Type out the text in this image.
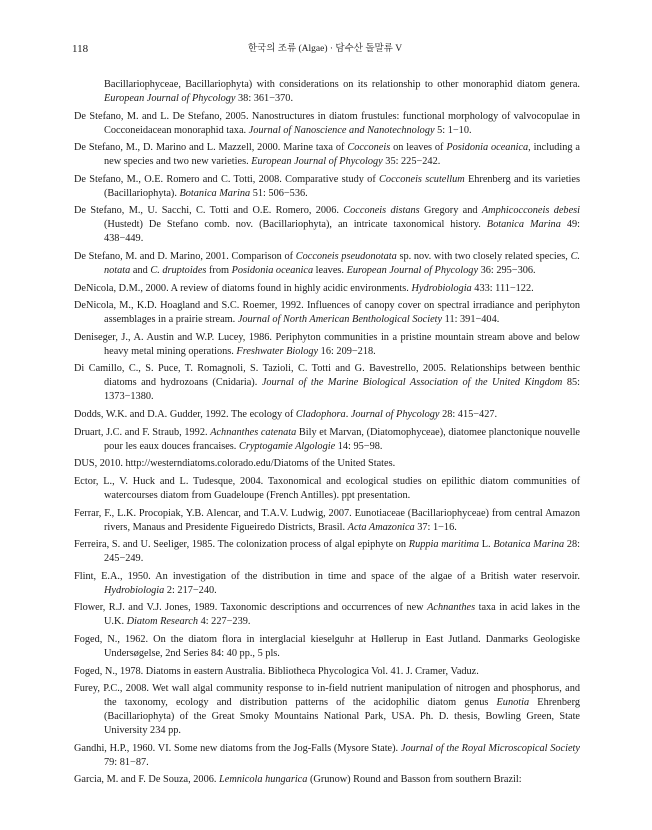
118	한국의 조류 (Algae) · 담수산 돌말류 V

Bacillariophyceae, Bacillariophyta) with considerations on its relationship to other monoraphid diatom genera. European Journal of Phycology 38: 361−370.

De Stefano, M. and L. De Stefano, 2005. Nanostructures in diatom frustules: functional morphology of valvocopulae in Cocconeidacean monoraphid taxa. Journal of Nanoscience and Nanotechnology 5: 1−10.

De Stefano, M., D. Marino and L. Mazzell, 2000. Marine taxa of Cocconeis on leaves of Posidonia oceanica, including a new species and two new varieties. European Journal of Phycology 35: 225−242.

De Stefano, M., O.E. Romero and C. Totti, 2008. Comparative study of Cocconeis scutellum Ehrenberg and its varieties (Bacillariophyta). Botanica Marina 51: 506−536.

De Stefano, M., U. Sacchi, C. Totti and O.E. Romero, 2006. Cocconeis distans Gregory and Amphicocconeis debesi (Hustedt) De Stefano comb. nov. (Bacillariophyta), an intricate taxonomical history. Botanica Marina 49: 438−449.

De Stefano, M. and D. Marino, 2001. Comparison of Cocconeis pseudonotata sp. nov. with two closely related species, C. notata and C. druptoides from Posidonia oceanica leaves. European Journal of Phycology 36: 295−306.

DeNicola, D.M., 2000. A review of diatoms found in highly acidic environments. Hydrobiologia 433: 111−122.

DeNicola, M., K.D. Hoagland and S.C. Roemer, 1992. Influences of canopy cover on spectral irradiance and periphyton assemblages in a prairie stream. Journal of North American Benthological Society 11: 391−404.

Deniseger, J., A. Austin and W.P. Lucey, 1986. Periphyton communities in a pristine mountain stream above and below heavy metal mining operations. Freshwater Biology 16: 209−218.

Di Camillo, C., S. Puce, T. Romagnoli, S. Tazioli, C. Totti and G. Bavestrello, 2005. Relationships between benthic diatoms and hydrozoans (Cnidaria). Journal of the Marine Biological Association of the United Kingdom 85: 1373−1380.

Dodds, W.K. and D.A. Gudder, 1992. The ecology of Cladophora. Journal of Phycology 28: 415−427.

Druart, J.C. and F. Straub, 1992. Achnanthes catenata Bily et Marvan, (Diatomophyceae), diatomee planctonique nouvelle pour les eaux douces francaises. Cryptogamie Algologie 14: 95−98.

DUS, 2010. http://westerndiatoms.colorado.edu/Diatoms of the United States.

Ector, L., V. Huck and L. Tudesque, 2004. Taxonomical and ecological studies on epilithic diatom communities of watercourses diatom from Guadeloupe (French Antilles). ppt presentation.

Ferrar, F., L.K. Procopiak, Y.B. Alencar, and T.A.V. Ludwig, 2007. Eunotiaceae (Bacillariophyceae) from central Amazon rivers, Manaus and Presidente Figueiredo Districts, Brasil. Acta Amazonica 37: 1−16.

Ferreira, S. and U. Seeliger, 1985. The colonization process of algal epiphyte on Ruppia maritima L. Botanica Marina 28: 245−249.

Flint, E.A., 1950. An investigation of the distribution in time and space of the algae of a British water reservoir. Hydrobiologia 2: 217−240.

Flower, R.J. and V.J. Jones, 1989. Taxonomic descriptions and occurrences of new Achnanthes taxa in acid lakes in the U.K. Diatom Research 4: 227−239.

Foged, N., 1962. On the diatom flora in interglacial kieselguhr at Høllerup in East Jutland. Danmarks Geologiske Undersøgelse, 2nd Series 84: 40 pp., 5 pls.

Foged, N., 1978. Diatoms in eastern Australia. Bibliotheca Phycologica Vol. 41. J. Cramer, Vaduz.

Furey, P.C., 2008. Wet wall algal community response to in-field nutrient manipulation of nitrogen and phosphorus, and the taxonomy, ecology and distribution patterns of the acidophilic diatom genus Eunotia Ehrenberg (Bacillariophyta) of the Great Smoky Mountains National Park, USA. Ph. D. thesis, Bowling Green, State University 234 pp.

Gandhi, H.P., 1960. VI. Some new diatoms from the Jog-Falls (Mysore State). Journal of the Royal Microscopical Society 79: 81−87.

Garcia, M. and F. De Souza, 2006. Lemnicola hungarica (Grunow) Round and Basson from southern Brazil:
